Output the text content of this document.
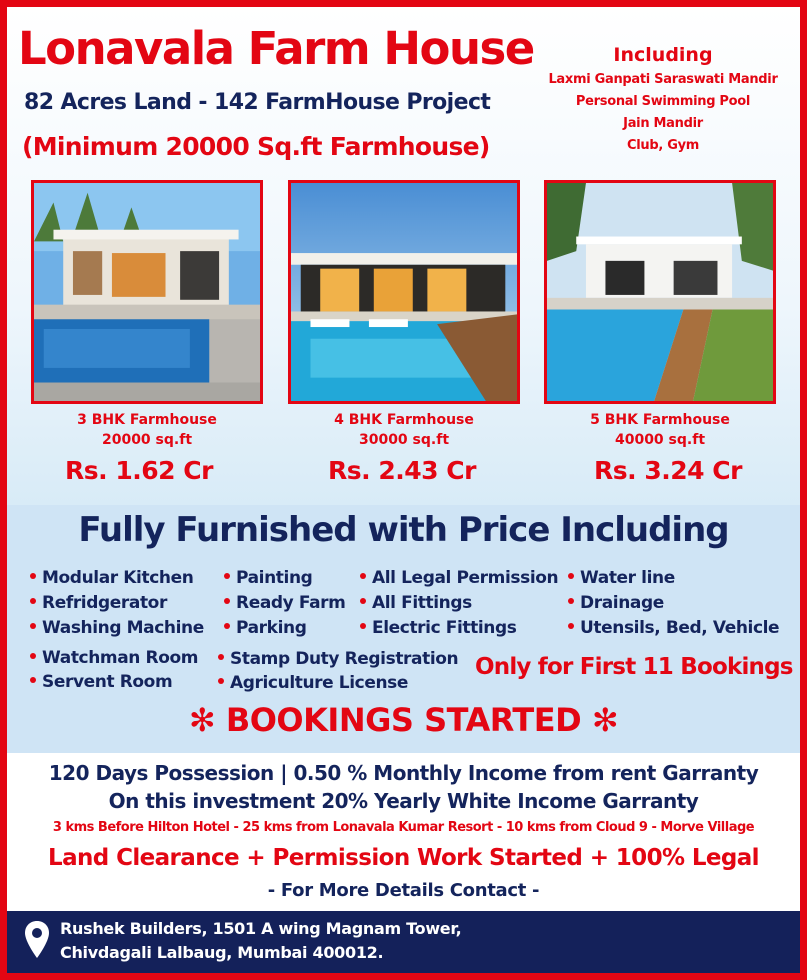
Lonavala Farm House
82 Acres Land - 142 FarmHouse Project
(Minimum 20000 Sq.ft Farmhouse)
Including
Laxmi Ganpati Saraswati Mandir
Personal Swimming Pool
Jain Mandir
Club, Gym
3 BHK Farmhouse
20000 sq.ft
4 BHK Farmhouse
30000 sq.ft
5 BHK Farmhouse
40000 sq.ft
Rs. 1.62 Cr	Rs. 2.43 Cr	Rs. 3.24 Cr
Fully Furnished with Price Including
Modular Kitchen
Refridgerator
Washing Machine
Painting
Ready Farm
Parking
All Legal Permission
All Fittings
Electric Fittings
Water line
Drainage
Utensils, Bed, Vehicle
Watchman Room
Servent Room
Stamp Duty Registration
Agriculture License
Only for First 11 Bookings
✻ BOOKINGS STARTED ✻
120 Days Possession | 0.50 % Monthly Income from rent Garranty
On this investment 20% Yearly White Income Garranty
3 kms Before Hilton Hotel - 25 kms from Lonavala Kumar Resort - 10 kms from Cloud 9 - Morve Village
Land Clearance + Permission Work Started + 100% Legal
- For More Details Contact -
Rushek Builders, 1501 A wing Magnam Tower,
Chivdagali Lalbaug, Mumbai 400012.
